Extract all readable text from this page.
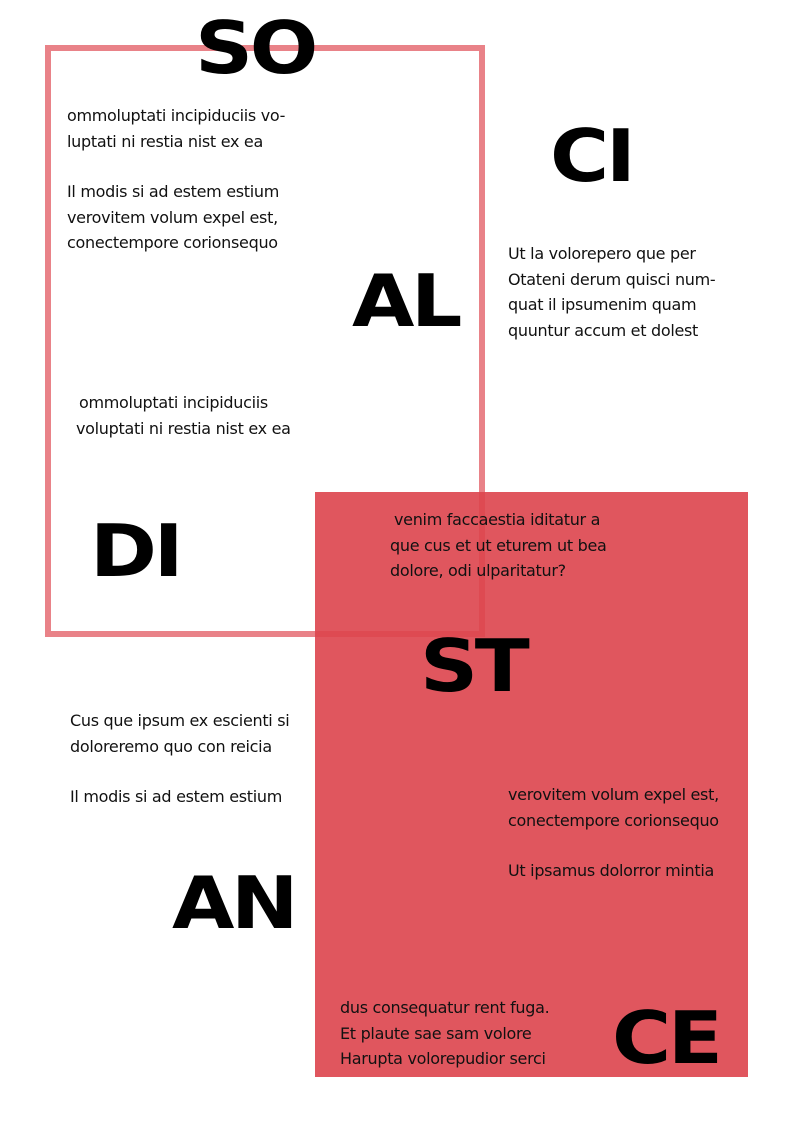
SO
CI
AL
DI
ST
AN
CE

ommoluptati incipiduciis vo-

luptati ni restia nist ex ea

Il modis si ad estem estium

verovitem volum expel est,

conectempore corionsequo

Ut la volorepero que per

Otateni derum quisci num-

quat il ipsumenim quam

quuntur accum et dolest

ommoluptati incipiduciis

voluptati ni restia nist ex ea

venim faccaestia iditatur a

que cus et ut eturem ut bea

dolore, odi ulparitatur?

Cus que ipsum ex escienti si

doloreremo quo con reicia

Il modis si ad estem estium	verovitem volum expel est,

conectempore corionsequo

Ut ipsamus dolorror mintia

dus consequatur rent fuga.

Et plaute sae sam volore

Harupta volorepudior serci
